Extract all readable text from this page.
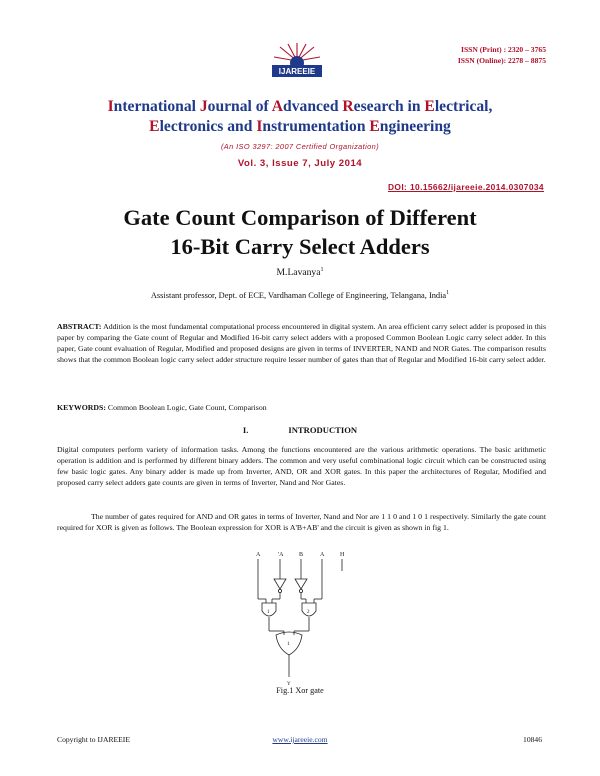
ISSN (Print) : 2320 – 3765
ISSN (Online): 2278 – 8875
IJAREEIE
International Journal of Advanced Research in Electrical,
Electronics and Instrumentation Engineering
(An ISO 3297: 2007 Certified Organization)
Vol. 3, Issue 7, July 2014
DOI: 10.15662/ijareeie.2014.0307034
Gate Count Comparison of Different
16-Bit Carry Select Adders
M.Lavanya$^1$
Assistant professor, Dept. of ECE, Vardhaman College of Engineering, Telangana, India$^1$
ABSTRACT: Addition is the most fundamental computational process encountered in digital system. An area efficient carry select adder is proposed in this paper by comparing the Gate count of Regular and Modified 16-bit carry select adders with a proposed Common Boolean Logic carry select adder. In this paper, Gate count evaluation of Regular, Modified and proposed designs are given in terms of INVERTER, NAND and NOR Gates. The comparison results shows that the common Boolean logic carry select adder structure require lesser number of gates than that of Regular and Modified 16-bit carry select adder.
KEYWORDS: Common Boolean Logic, Gate Count, Comparison
I.	INTRODUCTION
Digital computers perform variety of information tasks. Among the functions encountered are the various arithmetic operations. The basic arithmetic operation is addition and is performed by different binary adders. The common and very useful combinational logic circuit which can be constructed using few basic logic gates. Any binary adder is made up from Inverter, AND, OR and XOR gates. In this paper the architectures of Regular, Modified and proposed carry select adders gate counts are given in terms of Inverter, Nand and Nor Gates.
The number of gates required for AND and OR gates in terms of Inverter, Nand and Nor are 1 1 0 and 1 0 1 respectively. Similarly the gate count required for XOR is given as follows. The Boolean expression for XOR is A'B+AB' and the circuit is given as shown in fig 1.
A	'A	B	A	H
1	2
1
Y
Fig.1 Xor gate
Copyright to IJAREEIE	www.ijareeie.com	10846
